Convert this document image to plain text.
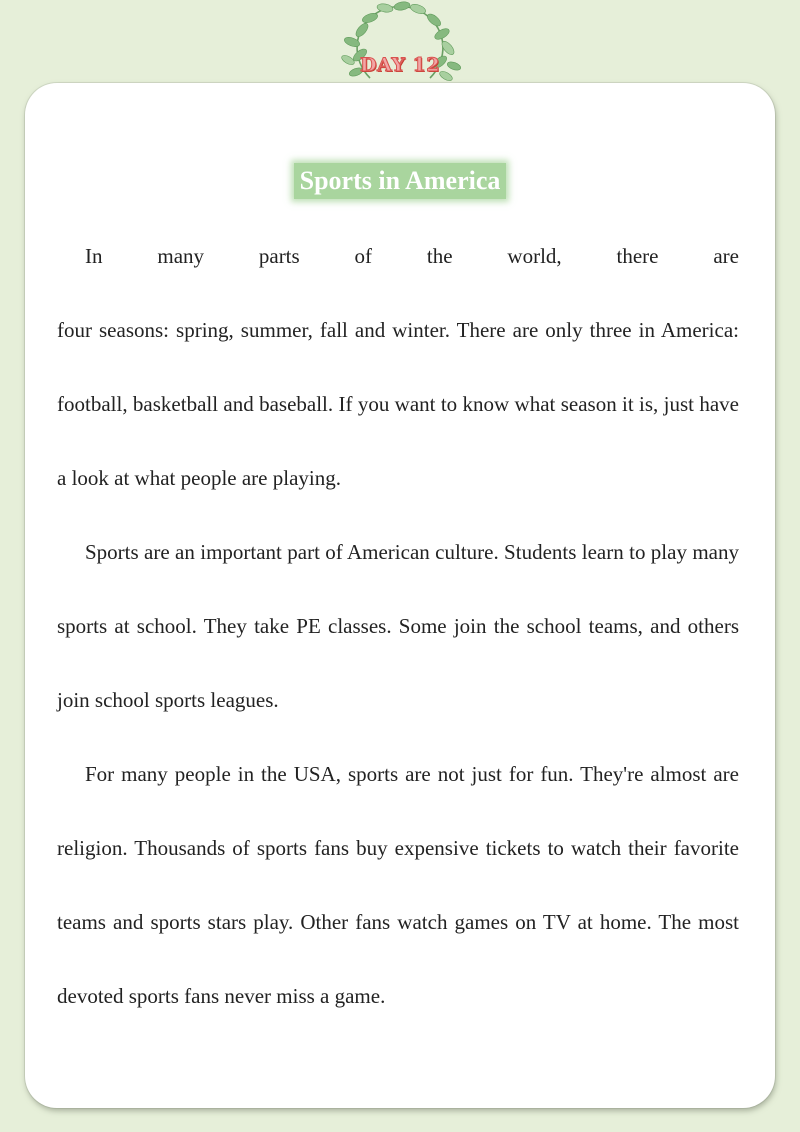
DAY 12
Sports in America

In many parts of the world, there are
four seasons: spring, summer, fall and winter. There are only three in America: football, basketball and baseball. If you want to know what season it is, just have a look at what people are playing.

Sports are an important part of American culture. Students learn to play many sports at school. They take PE classes. Some join the school teams, and others join school sports leagues.

For many people in the USA, sports are not just for fun. They're almost are religion. Thousands of sports fans buy expensive tickets to watch their favorite teams and sports stars play. Other fans watch games on TV at home. The most devoted sports fans never miss a game.
